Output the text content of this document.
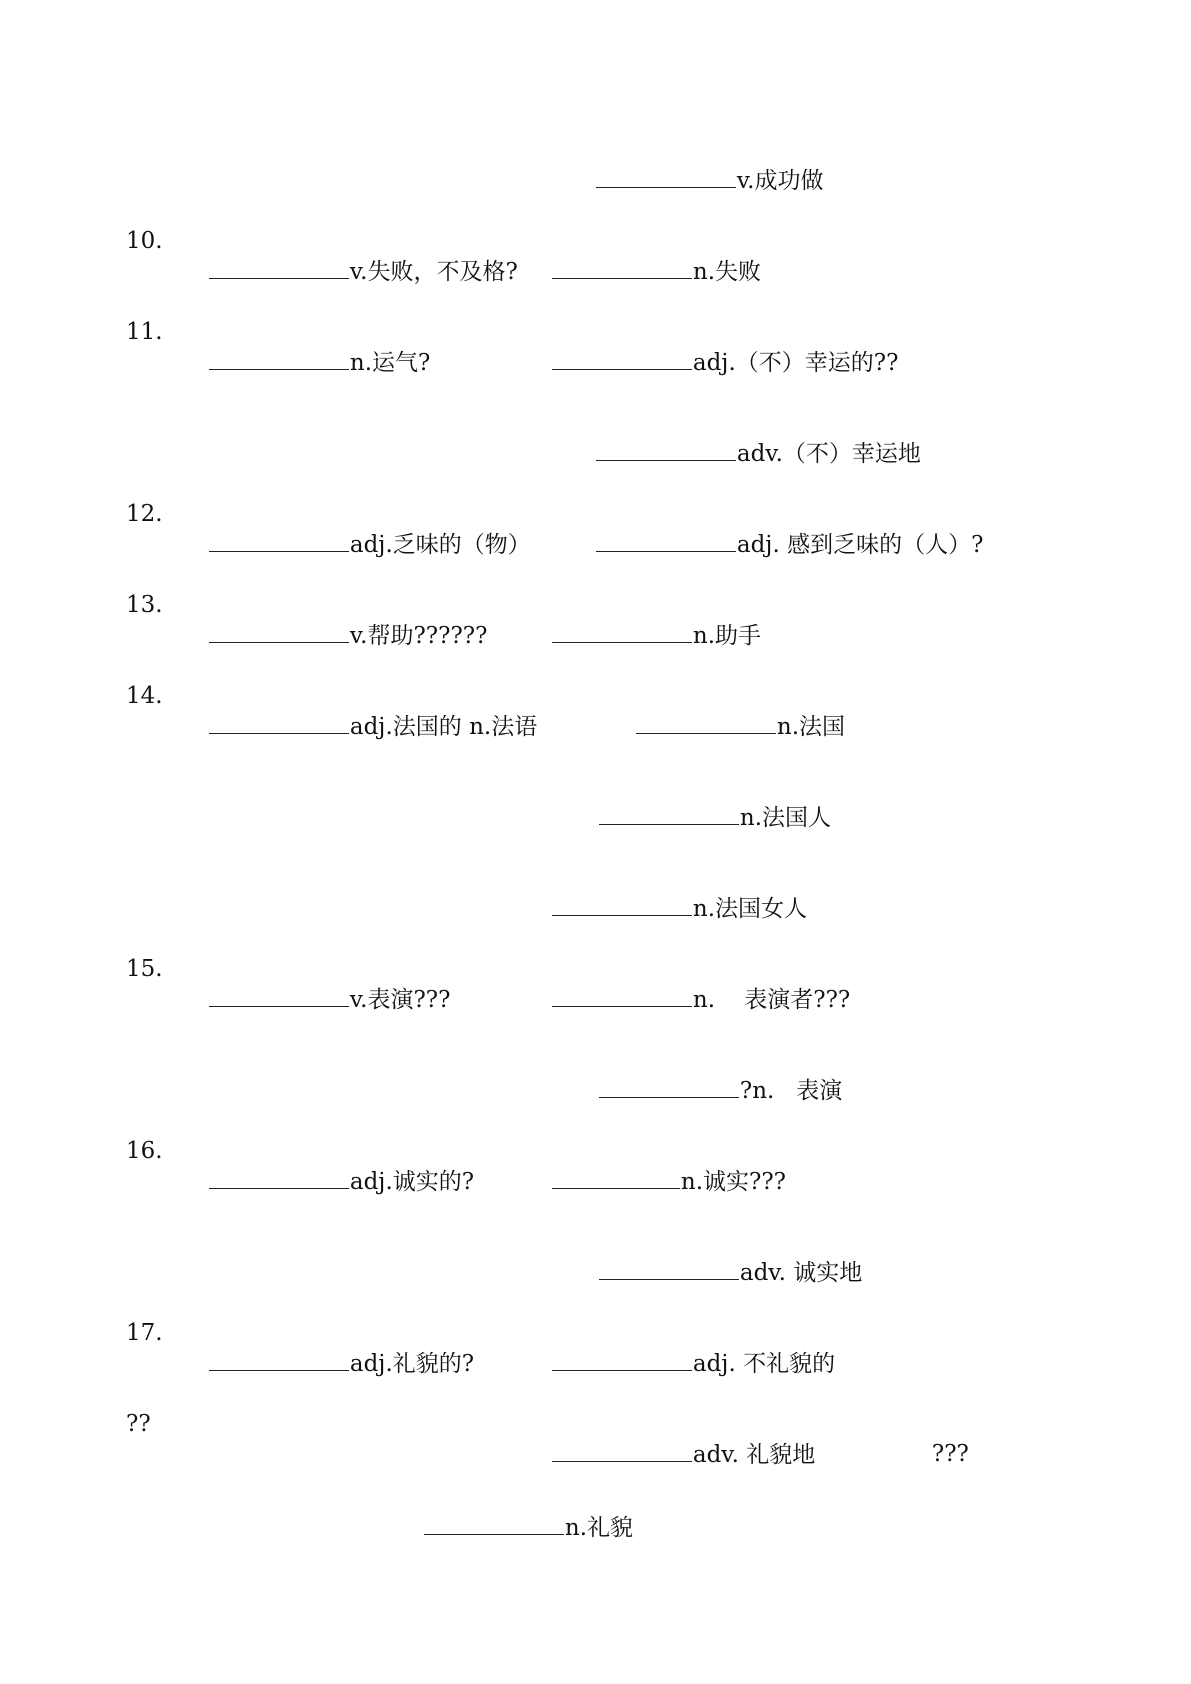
v.成功做

10.

v.失败，不及格?

	n.失败

11.

n.运气?

	adj.（不）幸运的??

adv.（不）幸运地

12.

adj.乏味的（物）

	adj. 感到乏味的（人）?

13.

v.帮助??????

	n.助手

14.

adj.法国的 n.法语

	n.法国

n.法国人

n.法国女人

15.

v.表演???

	n.    表演者???

?n.   表演

16.

adj.诚实的?

	n.诚实???

adv. 诚实地

17.

adj.礼貌的?

	adj. 不礼貌的

??

adv. 礼貌地

	???

n.礼貌
